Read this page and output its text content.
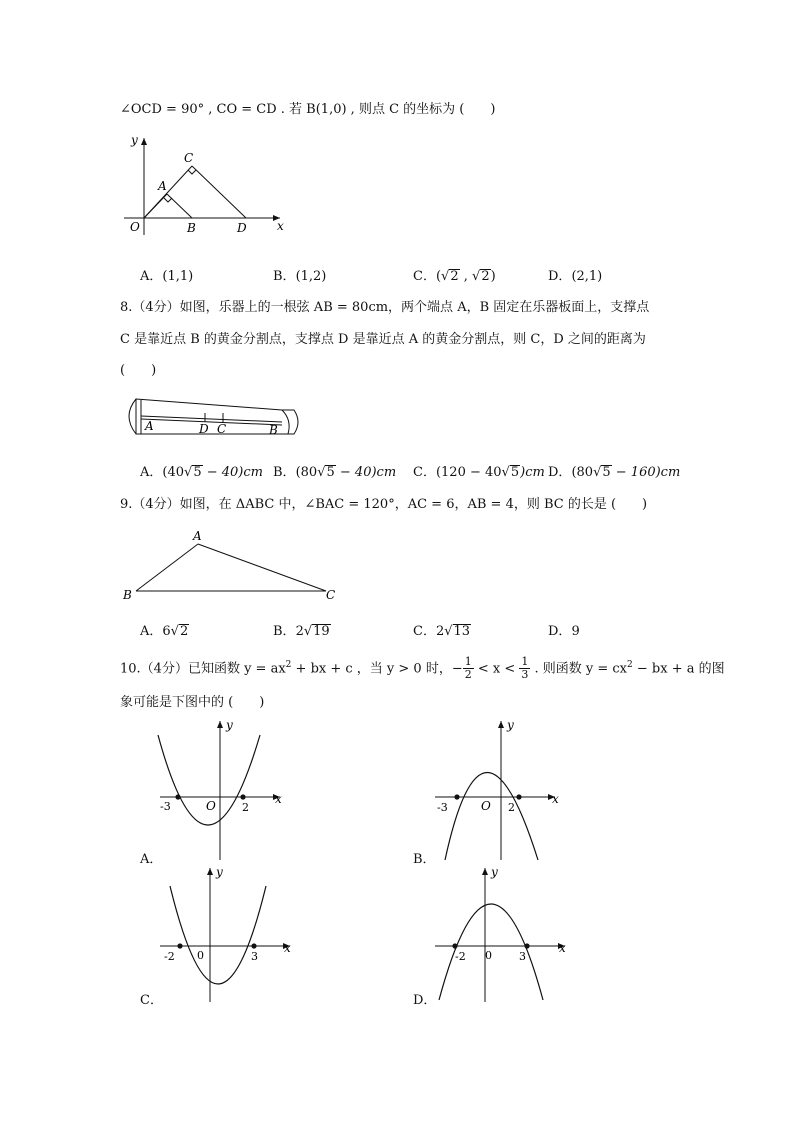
∠OCD = 90° , CO = CD . 若 B(1,0) , 则点 C 的坐标为 (　　)
y
x
O
A
C
B	D
A．(1,1)	B．(1,2)	C．(√2 , √2)	D．(2,1)
8.（4分）如图，乐器上的一根弦 AB = 80cm，两个端点 A，B 固定在乐器板面上，支撑点
C 是靠近点 B 的黄金分割点，支撑点 D 是靠近点 A 的黄金分割点，则 C，D 之间的距离为
(　　)
A	D C	B
A．(40√5 − 40)cm B．(80√5 − 40)cm C．(120 − 40√5)cm D．(80√5 − 160)cm
9.（4分）如图，在 ΔABC 中，∠BAC = 120°，AC = 6，AB = 4，则 BC 的长是 (　　)
A
B	C
A．6√2	B．2√19	C．2√13	D．9
10.（4分）已知函数 $y = ax^2$ + bx + c ，当 y > 0 时，− $\frac{1}{2} < x < \frac{1}{3}$ . 则函数 $y = cx^2$ − bx + a 的图
象可能是下图中的 (　　)
y
x
O
-3	2
A．
y
x
O
-3	2
B．
y
x
0
-2	3
C．
y
x
0
-2	3
D．
